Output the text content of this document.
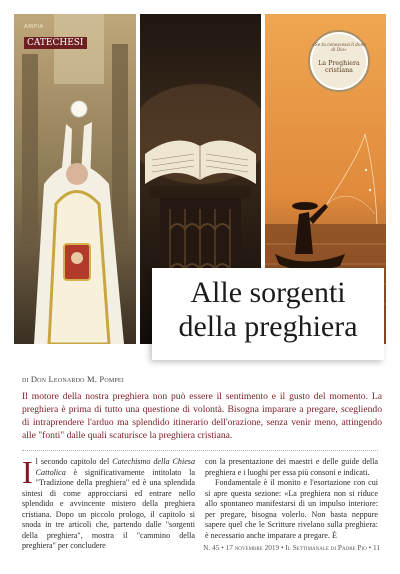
AMPIA
CATECHESI	«Se tu conoscessi il dono di Dio»
La Preghiera
cristiana
Alle sorgenti
della preghiera
di Don Leonardo M. Pompei

Il motore della nostra preghiera non può essere il sentimento e il gusto del momento. La preghiera è prima di tutto una questione di volontà. Bisogna imparare a pregare, scegliendo di intraprendere l'arduo ma splendido itinerario dell'orazione, senza venir meno, attingendo alle "fonti" dalle quali scaturisce la preghiera cristiana.

Il secondo capitolo del Catechismo della Chiesa Cattolica è significativamente intitolato la "Tradizione della preghiera" ed è una splendida sintesi di come approcciarsi ed entrare nello splendido e avvincente mistero della preghiera cristiana. Dopo un piccolo prologo, il capitolo si snoda in tre articoli che, partendo dalle "sorgenti della preghiera", mostra il "cammino della preghiera" per concludere

con la presentazione dei maestri e delle guide della preghiera e i luoghi per essa più consoni e indicati.
Fondamentale è il monito e l'esortazione con cui si apre questa sezione: «La preghiera non si riduce allo spontaneo manifestarsi di un impulso interiore: per pregare, bisogna volerlo. Non basta neppure sapere quel che le Scritture rivelano sulla preghiera: è necessario anche imparare a pregare. È

N. 45 • 17 novembre 2019 • Il Settimanale di Padre Pio • 11
